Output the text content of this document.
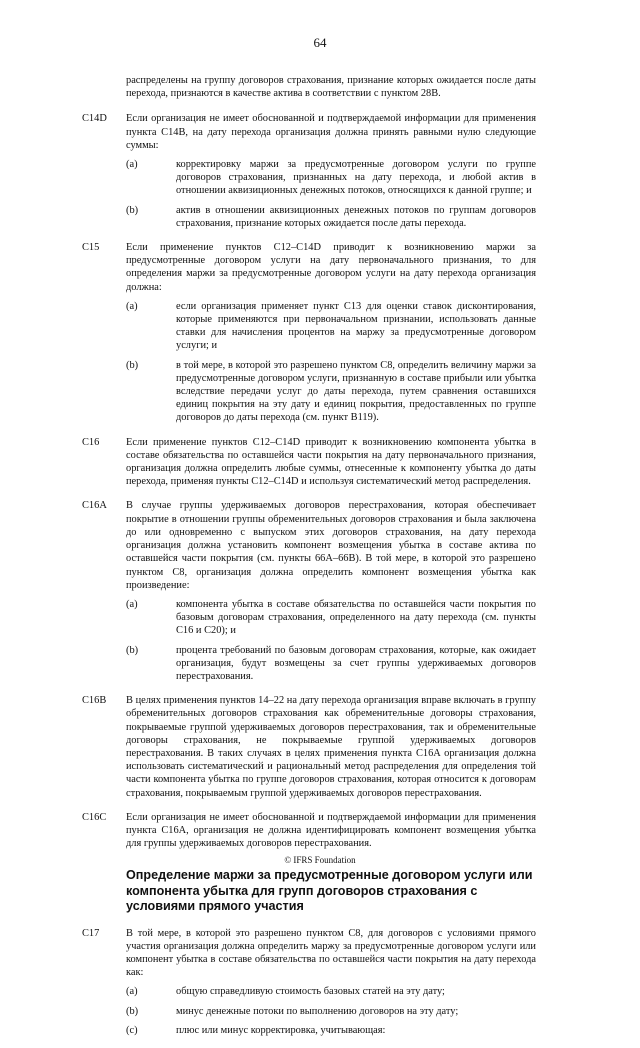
64
распределены на группу договоров страхования, признание которых ожидается после даты перехода, признаются в качестве актива в соответствии с пунктом 28B.
C14D Если организация не имеет обоснованной и подтверждаемой информации для применения пункта C14B, на дату перехода организация должна принять равными нулю следующие суммы:
(a)	корректировку маржи за предусмотренные договором услуги по группе договоров страхования, признанных на дату перехода, и любой актив в отношении аквизиционных денежных потоков, относящихся к данной группе; и
(b)	актив в отношении аквизиционных денежных потоков по группам договоров страхования, признание которых ожидается после даты перехода.
C15	Если применение пунктов C12–C14D приводит к возникновению маржи за предусмотренные договором услуги на дату первоначального признания, то для определения маржи за предусмотренные договором услуги на дату перехода организация должна:
(a)	если организация применяет пункт C13 для оценки ставок дисконтирования, которые применяются при первоначальном признании, использовать данные ставки для начисления процентов на маржу за предусмотренные договором услуги; и
(b)	в той мере, в которой это разрешено пунктом C8, определить величину маржи за предусмотренные договором услуги, признанную в составе прибыли или убытка вследствие передачи услуг до даты перехода, путем сравнения оставшихся единиц покрытия на эту дату и единиц покрытия, предоставленных по группе договоров до даты перехода (см. пункт B119).
C16	Если применение пунктов C12–C14D приводит к возникновению компонента убытка в составе обязательства по оставшейся части покрытия на дату первоначального признания, организация должна определить любые суммы, отнесенные к компоненту убытка до даты перехода, применяя пункты C12–C14D и используя систематический метод распределения.
C16A В случае группы удерживаемых договоров перестрахования, которая обеспечивает покрытие в отношении группы обременительных договоров страхования и была заключена до или одновременно с выпуском этих договоров страхования, на дату перехода организация должна установить компонент возмещения убытка в составе актива по оставшейся части покрытия (см. пункты 66A–66B). В той мере, в которой это разрешено пунктом C8, организация должна определить компонент возмещения убытка как произведение:
(a)	компонента убытка в составе обязательства по оставшейся части покрытия по базовым договорам страхования, определенного на дату перехода (см. пункты C16 и C20); и
(b)	процента требований по базовым договорам страхования, которые, как ожидает организация, будут возмещены за счет группы удерживаемых договоров перестрахования.
C16B В целях применения пунктов 14–22 на дату перехода организация вправе включать в группу обременительных договоров страхования как обременительные договоры страхования, покрываемые группой удерживаемых договоров перестрахования, так и обременительные договоры страхования, не покрываемые группой удерживаемых договоров перестрахования. В таких случаях в целях применения пункта C16A организация должна использовать систематический и рациональный метод распределения для определения той части компонента убытка по группе договоров страхования, которая относится к договорам страхования, покрываемым группой удерживаемых договоров перестрахования.
C16C Если организация не имеет обоснованной и подтверждаемой информации для применения пункта C16A, организация не должна идентифицировать компонент возмещения убытка для группы удерживаемых договоров перестрахования.
Определение маржи за предусмотренные договором услуги или компонента убытка для групп договоров страхования с условиями прямого участия
C17	В той мере, в которой это разрешено пунктом C8, для договоров с условиями прямого участия организация должна определить маржу за предусмотренные договором услуги или компонент убытка в составе обязательства по оставшейся части покрытия на дату перехода как:
(a)	общую справедливую стоимость базовых статей на эту дату;
(b)	минус денежные потоки по выполнению договоров на эту дату;
(c)	плюс или минус корректировка, учитывающая:
© IFRS Foundation
